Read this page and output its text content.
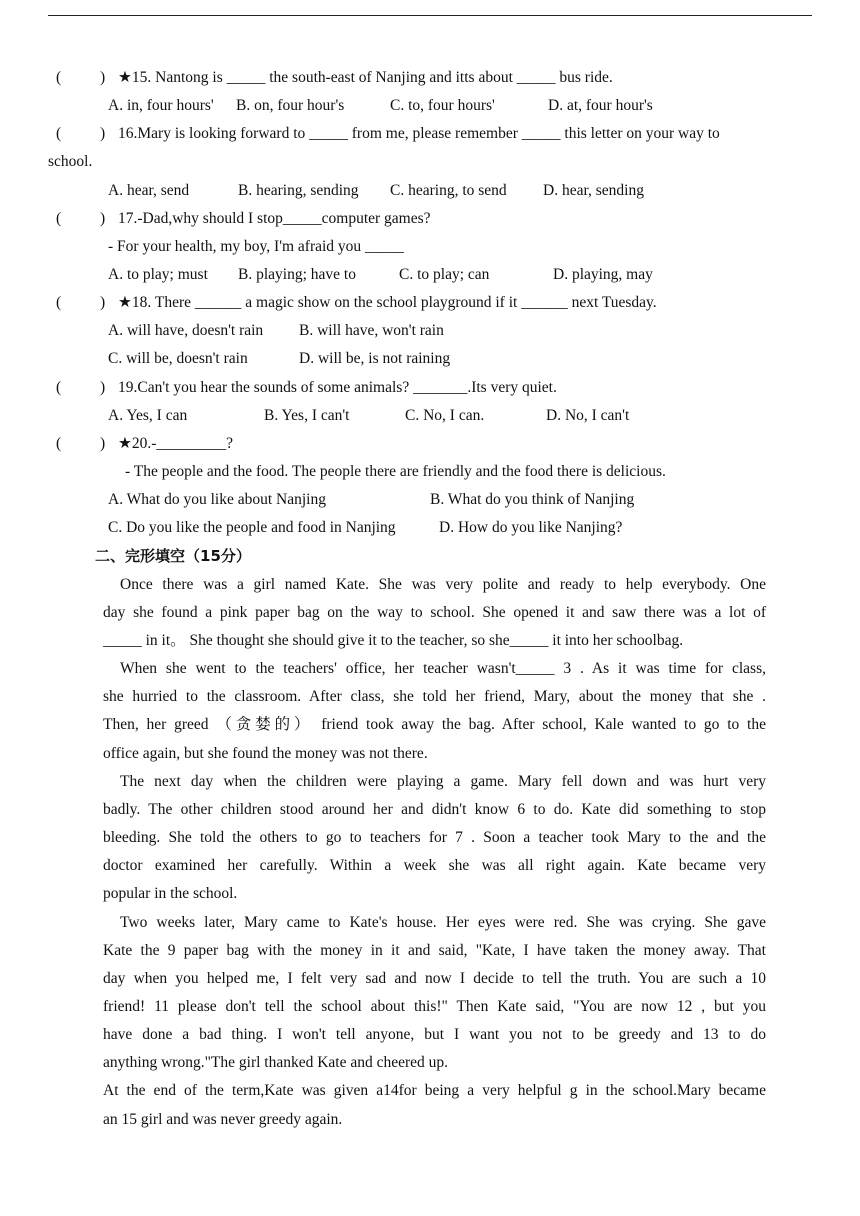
(	) ★15. Nantong is _____ the south-east of Nanjing and itts about _____ bus ride.
A. in, four hours' B. on, four hour's	C. to, four hours'	D. at, four hour's
(	) 16.Mary is looking forward to _____ from me, please remember _____ this letter on your way to
school.
A. hear, send	B. hearing, sending C. hearing, to send D. hear, sending
(	) 17.-Dad,why should I stop_____computer games?
- For your health, my boy, I'm afraid you _____
A. to play; must B. playing; have to	C. to play; can	D. playing, may
(	) ★18. There ______ a magic show on the school playground if it ______ next Tuesday.
A. will have, doesn't rain B. will have, won't rain
C. will be, doesn't rain	D. will be, is not raining
(	) 19.Can't you hear the sounds of some animals? _______.Its very quiet.
A. Yes, I can	B. Yes, I can't	C. No, I can.	D. No, I can't
(	) ★20.-_________?
- The people and the food. The people there are friendly and the food there is delicious.
A. What do you like about Nanjing	B. What do you think of Nanjing
C. Do you like the people and food in Nanjing	D. How do you like Nanjing?
二、完形填空（15分）
Once there was a girl named Kate. She was very polite and ready to help everybody. One
day she found a pink paper bag on the way to school. She opened it and saw there was a lot of
_____ in it。 She thought she should give it to the teacher, so she_____ it into her schoolbag.
When she went to the teachers' office, her teacher wasn't_____ 3 . As it was time for class,
she hurried to the classroom. After class, she told her friend, Mary, about the money that she .
Then, her greed （贪婪的） friend took away the bag. After school, Kale wanted to go to the
office again, but she found the money was not there.
The next day when the children were playing a game. Mary fell down and was hurt very
badly. The other children stood around her and didn't know 6 to do. Kate did something to stop
bleeding. She told the others to go to teachers for 7 . Soon a teacher took Mary to the and the
doctor examined her carefully. Within a week she was all right again. Kate became very
popular in the school.
Two weeks later, Mary came to Kate's house. Her eyes were red. She was crying. She gave
Kate the 9 paper bag with the money in it and said, "Kate, I have taken the money away. That
day when you helped me, I felt very sad and now I decide to tell the truth. You are such a 10
friend! 11 please don't tell the school about this!" Then Kate said, "You are now 12 , but you
have done a bad thing. I won't tell anyone, but I want you not to be greedy and 13 to do
anything wrong."The girl thanked Kate and cheered up.
At the end of the term,Kate was given a14for being a very helpful g in the school.Mary became
an 15 girl and was never greedy again.
